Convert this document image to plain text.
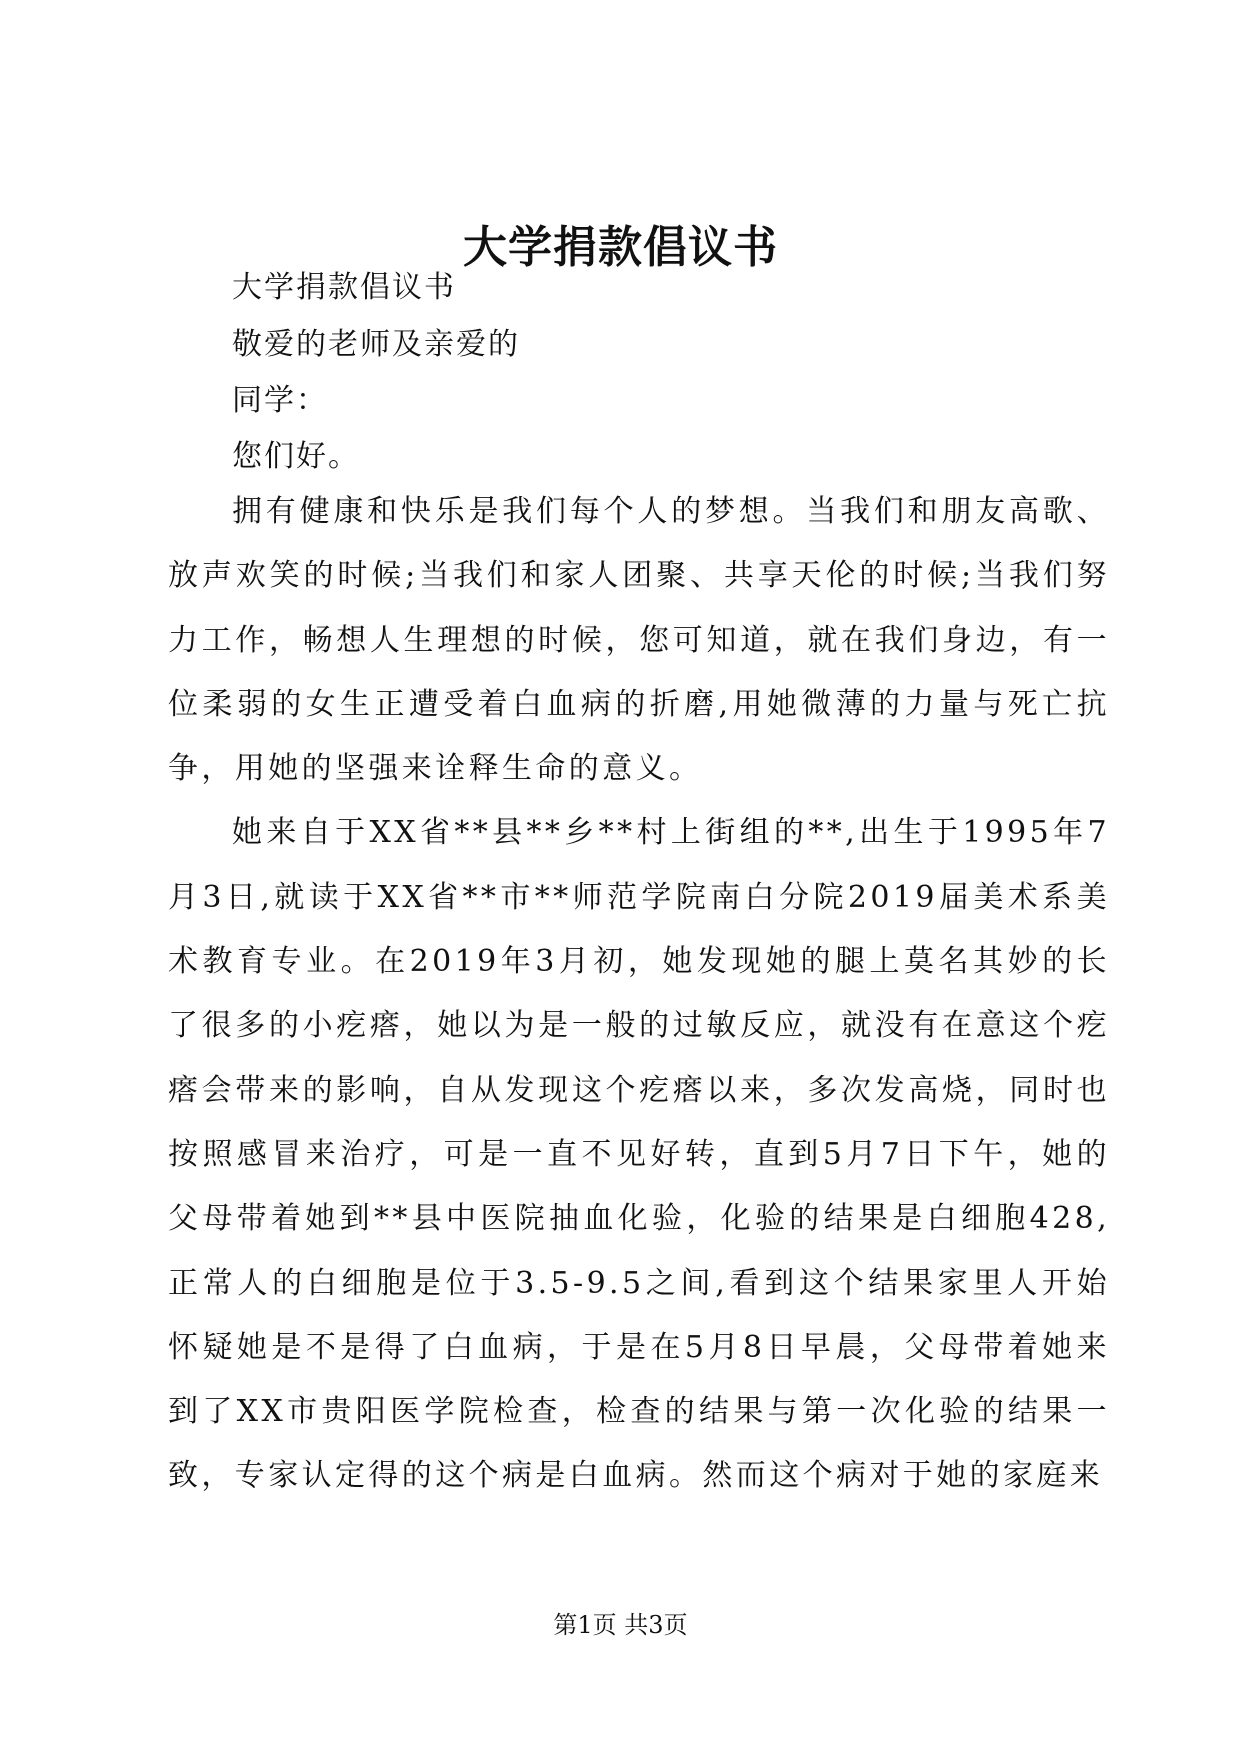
大学捐款倡议书
大学捐款倡议书
敬爱的老师及亲爱的
同学：
您们好。

拥有健康和快乐是我们每个人的梦想。当我们和朋友高歌、放声欢笑的时候;当我们和家人团聚、共享天伦的时候;当我们努力工作，畅想人生理想的时候，您可知道，就在我们身边，有一位柔弱的女生正遭受着白血病的折磨,用她微薄的力量与死亡抗争，用她的坚强来诠释生命的意义。

她来自于XX省**县**乡**村上街组的**,出生于1995年7月3日,就读于XX省**市**师范学院南白分院2019届美术系美术教育专业。在2019年3月初，她发现她的腿上莫名其妙的长了很多的小疙瘩，她以为是一般的过敏反应，就没有在意这个疙瘩会带来的影响，自从发现这个疙瘩以来，多次发高烧，同时也按照感冒来治疗，可是一直不见好转，直到5月7日下午，她的父母带着她到**县中医院抽血化验，化验的结果是白细胞428,正常人的白细胞是位于3.5-9.5之间,看到这个结果家里人开始怀疑她是不是得了白血病，于是在5月8日早晨，父母带着她来到了XX市贵阳医学院检查，检查的结果与第一次化验的结果一致，专家认定得的这个病是白血病。然而这个病对于她的家庭来

第1页 共3页
